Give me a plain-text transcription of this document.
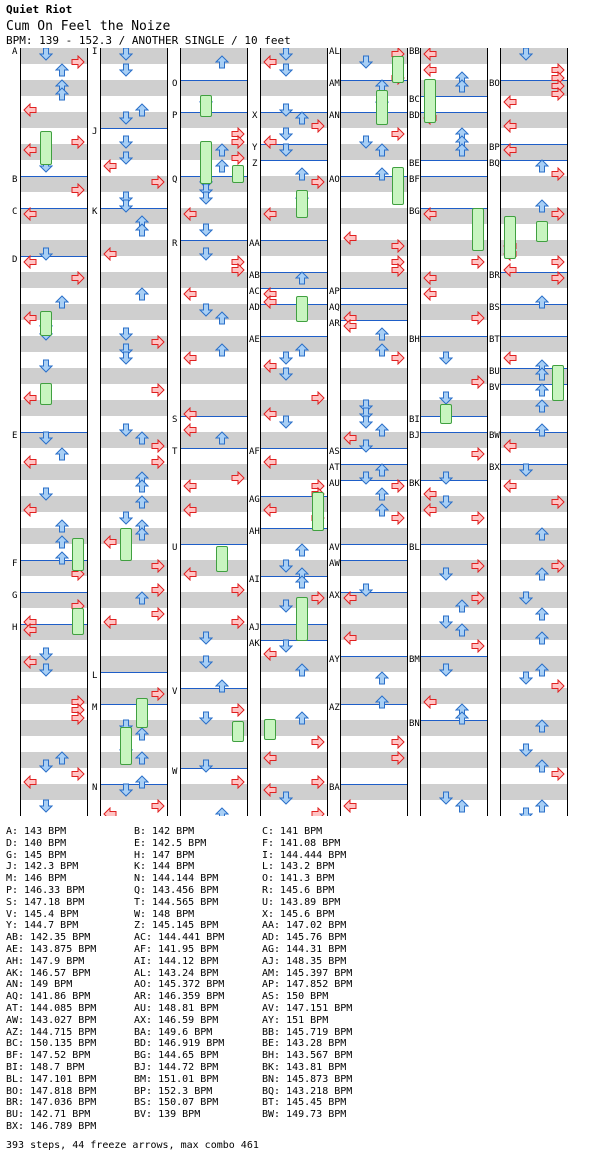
Quiet Riot
Cum On Feel the Noize
BPM: 139 - 152.3 / ANOTHER SINGLE / 10 feet
A
B
C
D
E
F
G
H
I
J
K
L
M
N
O
P
Q
R
S
T
U
V
W
X
Y
Z
AA
AB
AC
AD
AE
AF
AG
AH
AI
AJ
AK
AL
AM
AN
AO
AP
AQ
AR
AS
AT
AU
AV
AW
AX
AY
AZ
BA
BB
BC
BD
BE
BF
BG
BH
BI
BJ
BK
BL
BM
BN
BO
BP
BQ
BR
BS
BT
BU
BV
BW
BX
A: 143 BPM	B: 142 BPM	C: 141 BPM
D: 140 BPM	E: 142.5 BPM	F: 141.08 BPM
G: 145 BPM	H: 147 BPM	I: 144.444 BPM
J: 142.3 BPM	K: 144 BPM	L: 143.2 BPM
M: 146 BPM	N: 144.144 BPM	O: 141.3 BPM
P: 146.33 BPM	Q: 143.456 BPM	R: 145.6 BPM
S: 147.18 BPM	T: 144.565 BPM	U: 143.89 BPM
V: 145.4 BPM	W: 148 BPM	X: 145.6 BPM
Y: 144.7 BPM	Z: 145.145 BPM	AA: 147.02 BPM
AB: 142.35 BPM	AC: 144.441 BPM	AD: 145.76 BPM
AE: 143.875 BPM	AF: 141.95 BPM	AG: 144.31 BPM
AH: 147.9 BPM	AI: 144.12 BPM	AJ: 148.35 BPM
AK: 146.57 BPM	AL: 143.24 BPM	AM: 145.397 BPM
AN: 149 BPM	AO: 145.372 BPM	AP: 147.852 BPM
AQ: 141.86 BPM	AR: 146.359 BPM	AS: 150 BPM
AT: 144.085 BPM	AU: 148.81 BPM	AV: 147.151 BPM
AW: 143.027 BPM	AX: 146.59 BPM	AY: 151 BPM
AZ: 144.715 BPM	BA: 149.6 BPM	BB: 145.719 BPM
BC: 150.135 BPM	BD: 146.919 BPM	BE: 143.28 BPM
BF: 147.52 BPM	BG: 144.65 BPM	BH: 143.567 BPM
BI: 148.7 BPM	BJ: 144.72 BPM	BK: 143.81 BPM
BL: 147.101 BPM	BM: 151.01 BPM	BN: 145.873 BPM
BO: 147.818 BPM	BP: 152.3 BPM	BQ: 143.218 BPM
BR: 147.036 BPM	BS: 150.07 BPM	BT: 145.45 BPM
BU: 142.71 BPM	BV: 139 BPM	BW: 149.73 BPM
BX: 146.789 BPM
393 steps, 44 freeze arrows, max combo 461
